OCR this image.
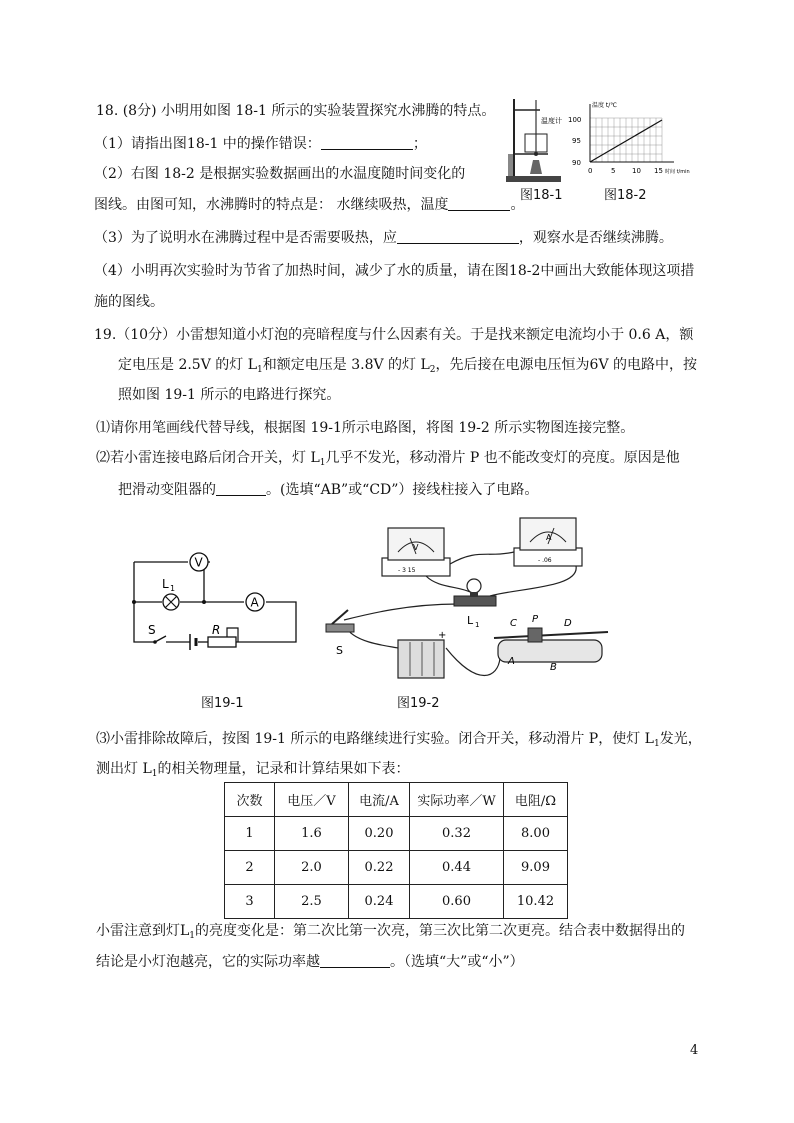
18. (8分) 小明用如图 18-1 所示的实验装置探究水沸腾的特点。
（1）请指出图18-1 中的操作错误：	；
（2）右图 18-2 是根据实验数据画出的水温度随时间变化的
图线。由图可知，水沸腾时的特点是： 水继续吸热，温度	。
（3）为了说明水在沸腾过程中是否需要吸热，应	，观察水是否继续沸腾。
（4）小明再次实验时为节省了加热时间，减少了水的质量，请在图18-2中画出大致能体现这项措
施的图线。
温度计
图18-1
温度 t/℃
100
95
90
0	5 10 15 时间 t/min
图18-2
19.（10分）小雷想知道小灯泡的亮暗程度与什么因素有关。于是找来额定电流均小于 0.6 A，额
定电压是 2.5V 的灯 $L_1$和额定电压是 3.8V 的灯 $L_2$，先后接在电源电压恒为6V 的电路中，按
照如图 19-1 所示的电路进行探究。
⑴请你用笔画线代替导线，根据图 19-1所示电路图，将图 19-2 所示实物图连接完整。
⑵若小雷连接电路后闭合开关，灯 $L_1$几乎不发光，移动滑片 P 也不能改变灯的亮度。原因是他
把滑动变阻器的	。(选填“AB”或“CD”）接线柱接入了电路。
V
L 1
A
S	R
图19-1
V
- 3 15
A
- .06
L 1
S
+
C P	D
A
B
图19-2
⑶小雷排除故障后，按图 19-1 所示的电路继续进行实验。闭合开关，移动滑片 P，使灯 $L_1$发光，
测出灯 $L_1$的相关物理量，记录和计算结果如下表：
次数	电压／V	电流/A	实际功率／W	电阻/Ω
1	1.6	0.20	0.32	8.00
2	2.0	0.22	0.44	9.09
3	2.5	0.24	0.60	10.42
小雷注意到灯$L_1$的亮度变化是：第二次比第一次亮，第三次比第二次更亮。结合表中数据得出的
结论是小灯泡越亮，它的实际功率越	。（选填“大”或“小”）
4
